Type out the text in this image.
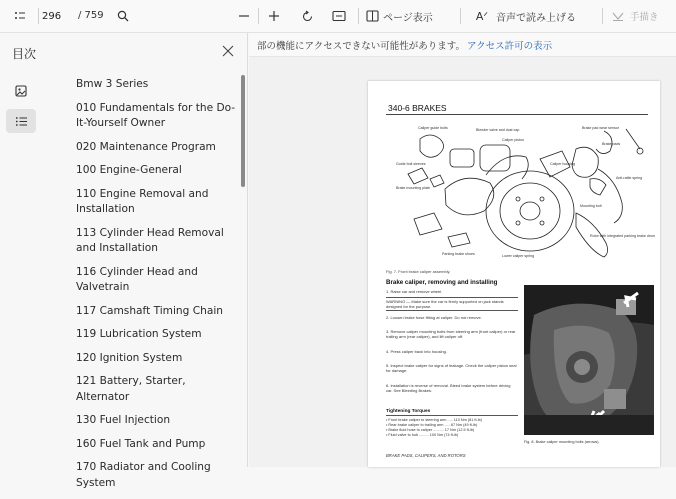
296
/ 759	ページ表示	Aᐟ 音声で読み上げる	手描き
目次
Bmw 3 Series
010 Fundamentals for the Do-It-Yourself Owner
020 Maintenance Program
100 Engine-General
110 Engine Removal and Installation
113 Cylinder Head Removal and Installation
116 Cylinder Head and Valvetrain
117 Camshaft Timing Chain
119 Lubrication System
120 Ignition System
121 Battery, Starter, Alternator
130 Fuel Injection
160 Fuel Tank and Pump
170 Radiator and Cooling System
部の機能にアクセスできない可能性があります。 アクセス許可の表示
340-6 BRAKES
Caliper guide bolts	Bleeder valve and dust cap
Caliper piston
Brake pad wear sensor
Brake pads
Guide bolt sleeves
Brake mounting plate
Caliper housing
Anti-rattle spring
Mounting bolt
Lower caliper spring
Parking brake shoes
Rotor with integrated parking brake drum
Fig. 7. Front brake caliper assembly.
Brake caliper, removing and installing
1. Raise car and remove wheel.
WARNING — Make sure the car is firmly supported on jack stands designed for the purpose.
2. Loosen brake hose fitting at caliper. Do not remove.
3. Remove caliper mounting bolts from steering arm (front caliper) or rear trailing arm (rear caliper), and lift caliper off.
4. Press caliper back into housing.
5. Inspect brake caliper for signs of leakage. Check the caliper piston seal for damage.
6. Installation is reverse of removal. Bleed brake system before driving car. See Bleeding Brakes.
Tightening Torques
• Front brake caliper to steering arm ..... 110 Nm (81 ft-lb)
• Rear brake caliper to trailing arm ..... 67 Nm (49 ft-lb)
• Brake fluid hose to caliper .......... 17 Nm (12.5 ft-lb)
• Fluid valve to hub ......... 100 Nm (74 ft-lb)
Fig. 8. Brake caliper mounting bolts (arrows).
BRAKE PADS, CALIPERS, AND ROTORS
